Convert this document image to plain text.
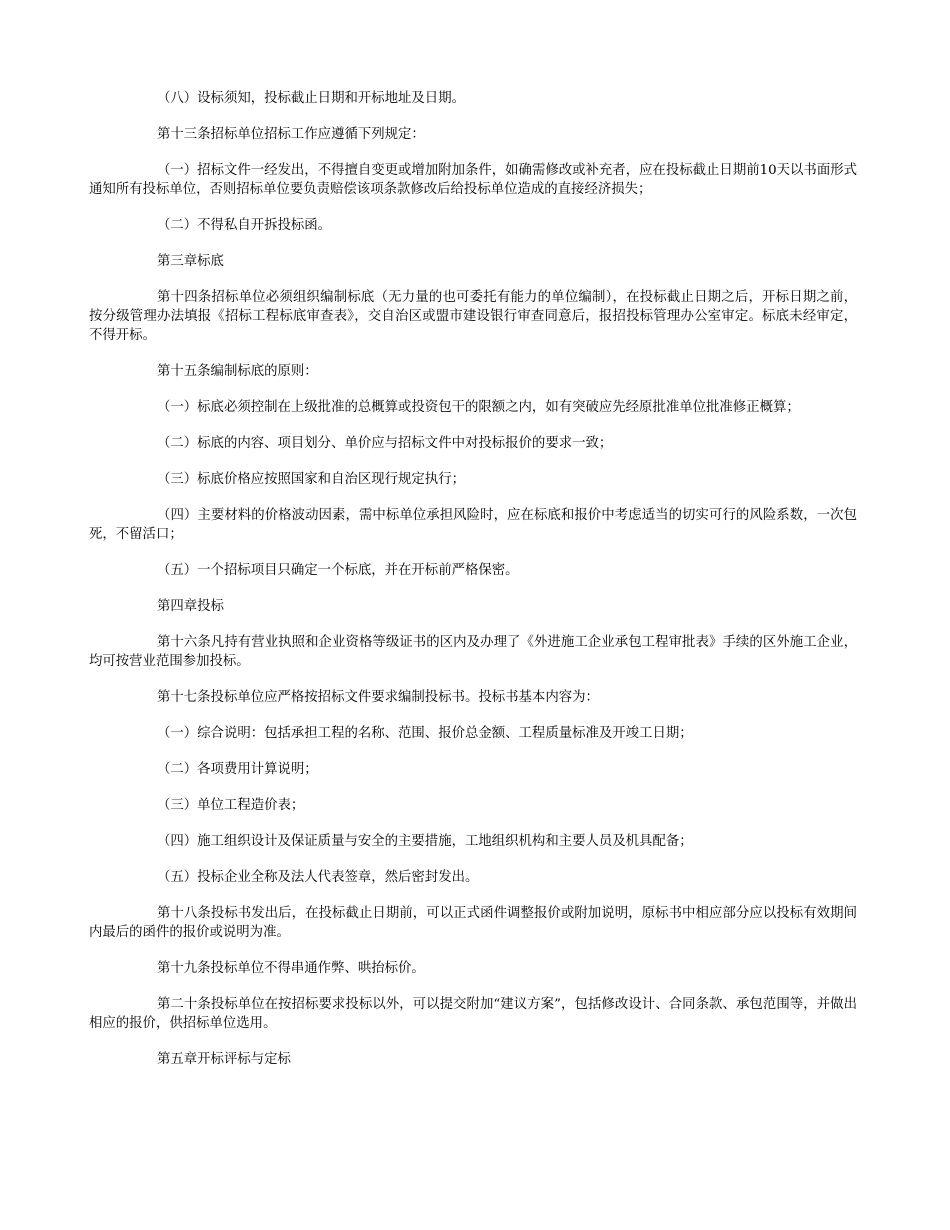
（八）设标须知，投标截止日期和开标地址及日期。

第十三条招标单位招标工作应遵循下列规定：

（一）招标文件一经发出，不得擅自变更或增加附加条件，如确需修改或补充者，应在投标截止日期前10天以书面形式通知所有投标单位，否则招标单位要负责赔偿该项条款修改后给投标单位造成的直接经济损失；

（二）不得私自开拆投标函。

第三章标底

第十四条招标单位必须组织编制标底（无力量的也可委托有能力的单位编制），在投标截止日期之后，开标日期之前，按分级管理办法填报《招标工程标底审查表》，交自治区或盟市建设银行审查同意后，报招投标管理办公室审定。标底未经审定，不得开标。

第十五条编制标底的原则：

（一）标底必须控制在上级批准的总概算或投资包干的限额之内，如有突破应先经原批准单位批准修正概算；

（二）标底的内容、项目划分、单价应与招标文件中对投标报价的要求一致；

（三）标底价格应按照国家和自治区现行规定执行；

（四）主要材料的价格波动因素，需中标单位承担风险时，应在标底和报价中考虑适当的切实可行的风险系数，一次包死，不留活口；

（五）一个招标项目只确定一个标底，并在开标前严格保密。

第四章投标

第十六条凡持有营业执照和企业资格等级证书的区内及办理了《外进施工企业承包工程审批表》手续的区外施工企业，均可按营业范围参加投标。

第十七条投标单位应严格按招标文件要求编制投标书。投标书基本内容为：

（一）综合说明：包括承担工程的名称、范围、报价总金额、工程质量标准及开竣工日期；

（二）各项费用计算说明；

（三）单位工程造价表；

（四）施工组织设计及保证质量与安全的主要措施，工地组织机构和主要人员及机具配备；

（五）投标企业全称及法人代表签章，然后密封发出。

第十八条投标书发出后，在投标截止日期前，可以正式函件调整报价或附加说明，原标书中相应部分应以投标有效期间内最后的函件的报价或说明为准。

第十九条投标单位不得串通作弊、哄抬标价。

第二十条投标单位在按招标要求投标以外，可以提交附加“建议方案”，包括修改设计、合同条款、承包范围等，并做出相应的报价，供招标单位选用。

第五章开标评标与定标
